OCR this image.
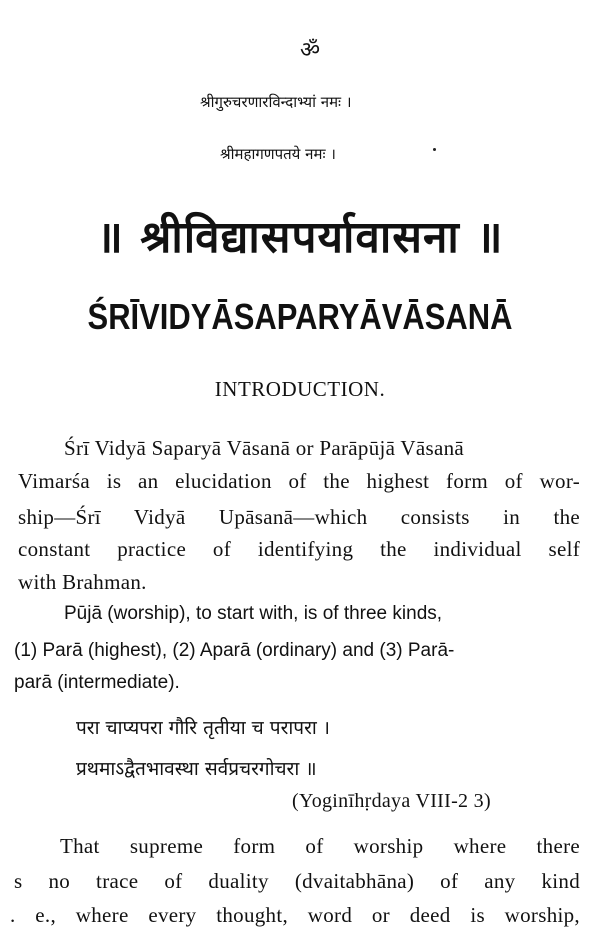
ॐ
श्रीगुरुचरणारविन्दाभ्यां नमः ।
श्रीमहागणपतये नमः ।
॥ श्रीविद्यासपर्यावासना ॥
ŚRĪVIDYĀSAPARYĀVĀSANĀ
INTRODUCTION.
Śrī Vidyā Saparyā Vāsanā or Parāpūjā Vāsanā
Vimarśa is an elucidation of the highest form of wor-
ship—Śrī Vidyā Upāsanā—which consists in the
constant practice of identifying the individual self
with Brahman.
Pūjā (worship), to start with, is of three kinds,
(1) Parā (highest), (2) Aparā (ordinary) and (3) Parā-
parā (intermediate).
परा चाप्यपरा गौरि तृतीया च परापरा ।
प्रथमाऽद्वैतभावस्था सर्वप्रचरगोचरा ॥
(Yoginīhṛdaya VIII-2 3)
That supreme form of worship where there
s no trace of duality (dvaitabhāna) of any kind
. e., where every thought, word or deed is worship,
